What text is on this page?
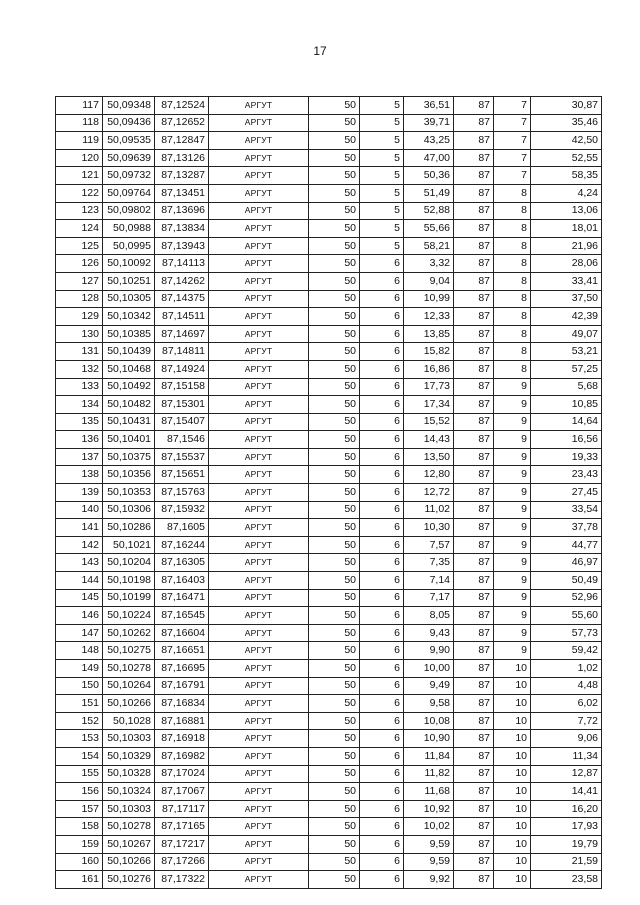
17
117	50,09348	87,12524	АРГУТ	50	5	36,51	87	7	30,87
118	50,09436	87,12652	АРГУТ	50	5	39,71	87	7	35,46
119	50,09535	87,12847	АРГУТ	50	5	43,25	87	7	42,50
120	50,09639	87,13126	АРГУТ	50	5	47,00	87	7	52,55
121	50,09732	87,13287	АРГУТ	50	5	50,36	87	7	58,35
122	50,09764	87,13451	АРГУТ	50	5	51,49	87	8	4,24
123	50,09802	87,13696	АРГУТ	50	5	52,88	87	8	13,06
124	50,0988	87,13834	АРГУТ	50	5	55,66	87	8	18,01
125	50,0995	87,13943	АРГУТ	50	5	58,21	87	8	21,96
126	50,10092	87,14113	АРГУТ	50	6	3,32	87	8	28,06
127	50,10251	87,14262	АРГУТ	50	6	9,04	87	8	33,41
128	50,10305	87,14375	АРГУТ	50	6	10,99	87	8	37,50
129	50,10342	87,14511	АРГУТ	50	6	12,33	87	8	42,39
130	50,10385	87,14697	АРГУТ	50	6	13,85	87	8	49,07
131	50,10439	87,14811	АРГУТ	50	6	15,82	87	8	53,21
132	50,10468	87,14924	АРГУТ	50	6	16,86	87	8	57,25
133	50,10492	87,15158	АРГУТ	50	6	17,73	87	9	5,68
134	50,10482	87,15301	АРГУТ	50	6	17,34	87	9	10,85
135	50,10431	87,15407	АРГУТ	50	6	15,52	87	9	14,64
136	50,10401	87,1546	АРГУТ	50	6	14,43	87	9	16,56
137	50,10375	87,15537	АРГУТ	50	6	13,50	87	9	19,33
138	50,10356	87,15651	АРГУТ	50	6	12,80	87	9	23,43
139	50,10353	87,15763	АРГУТ	50	6	12,72	87	9	27,45
140	50,10306	87,15932	АРГУТ	50	6	11,02	87	9	33,54
141	50,10286	87,1605	АРГУТ	50	6	10,30	87	9	37,78
142	50,1021	87,16244	АРГУТ	50	6	7,57	87	9	44,77
143	50,10204	87,16305	АРГУТ	50	6	7,35	87	9	46,97
144	50,10198	87,16403	АРГУТ	50	6	7,14	87	9	50,49
145	50,10199	87,16471	АРГУТ	50	6	7,17	87	9	52,96
146	50,10224	87,16545	АРГУТ	50	6	8,05	87	9	55,60
147	50,10262	87,16604	АРГУТ	50	6	9,43	87	9	57,73
148	50,10275	87,16651	АРГУТ	50	6	9,90	87	9	59,42
149	50,10278	87,16695	АРГУТ	50	6	10,00	87	10	1,02
150	50,10264	87,16791	АРГУТ	50	6	9,49	87	10	4,48
151	50,10266	87,16834	АРГУТ	50	6	9,58	87	10	6,02
152	50,1028	87,16881	АРГУТ	50	6	10,08	87	10	7,72
153	50,10303	87,16918	АРГУТ	50	6	10,90	87	10	9,06
154	50,10329	87,16982	АРГУТ	50	6	11,84	87	10	11,34
155	50,10328	87,17024	АРГУТ	50	6	11,82	87	10	12,87
156	50,10324	87,17067	АРГУТ	50	6	11,68	87	10	14,41
157	50,10303	87,17117	АРГУТ	50	6	10,92	87	10	16,20
158	50,10278	87,17165	АРГУТ	50	6	10,02	87	10	17,93
159	50,10267	87,17217	АРГУТ	50	6	9,59	87	10	19,79
160	50,10266	87,17266	АРГУТ	50	6	9,59	87	10	21,59
161	50,10276	87,17322	АРГУТ	50	6	9,92	87	10	23,58
